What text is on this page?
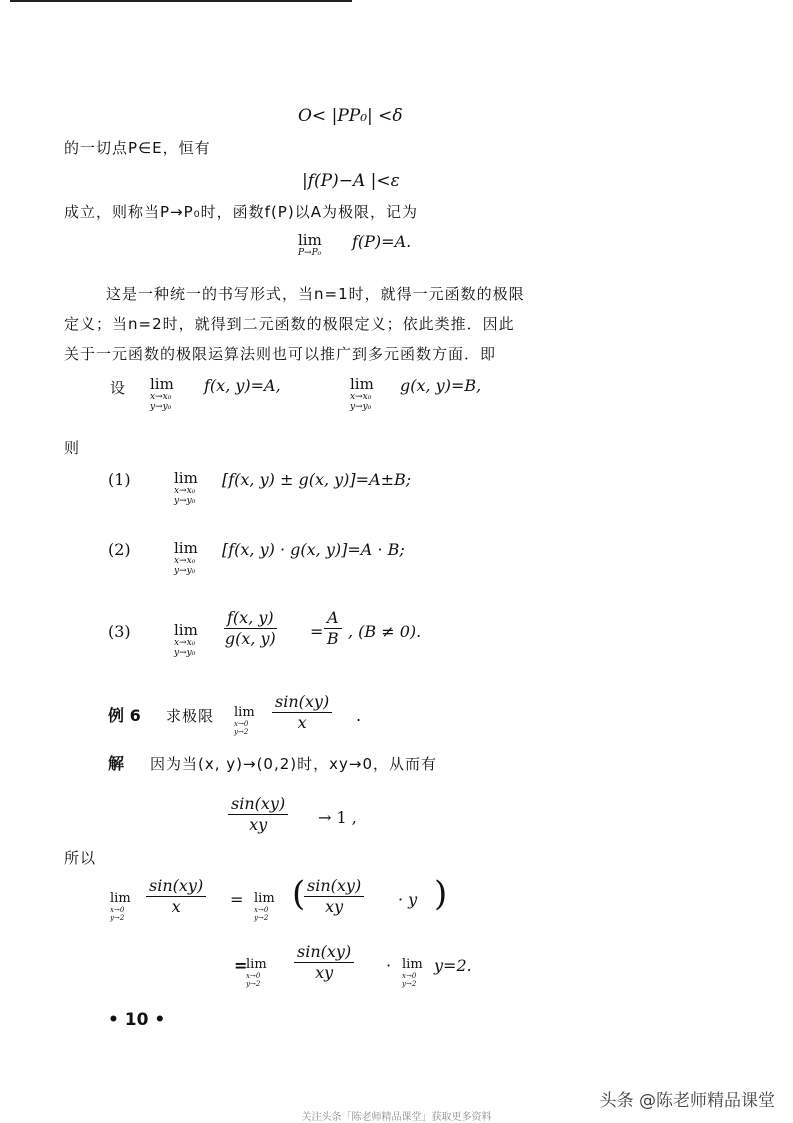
O< |PP₀| <δ
的一切点P∈E，恒有
|f(P)−A |<ε
成立，则称当P→P₀时，函数f(P)以A为极限，记为
lim
P→P₀
f(P)=A.
这是一种统一的书写形式，当n=1时，就得一元函数的极限
定义；当n=2时，就得到二元函数的极限定义；依此类推．因此
关于一元函数的极限运算法则也可以推广到多元函数方面．即
设 lim
x→x₀
y→y₀
f(x, y)=A,	lim
x→x₀
y→y₀
g(x, y)=B,
则
(1)	lim
x→x₀
y→y₀
[f(x, y) ± g(x, y)]=A±B;
(2)	lim
x→x₀
y→y₀
[f(x, y) · g(x, y)]=A · B;
(3)	lim
x→x₀
y→y₀
$\frac{f(x, y)}{g(x, y)} = \frac{A}{B}$ , (B ≠ 0).
例 6 求极限 lim
x→0
y→2	$\frac{\sin(xy)}{x}$ .
解 因为当(x, y)→(0,2)时，xy→0，从而有
$\frac{\sin(xy)}{xy} \to 1$ ,
所以
lim
x→0
y→2
$\frac{\sin(xy)}{x} = \lim$
x→0
y→2
(
$\frac{\sin(xy)}{xy} \cdot y$ )
=
lim
x→0
y→2
$\frac{\sin(xy)}{xy} \cdot \lim$
x→0
y→2
y=2.
• 10 •
头条 @陈老师精品课堂
关注头条「陈老师精品课堂」获取更多资料
